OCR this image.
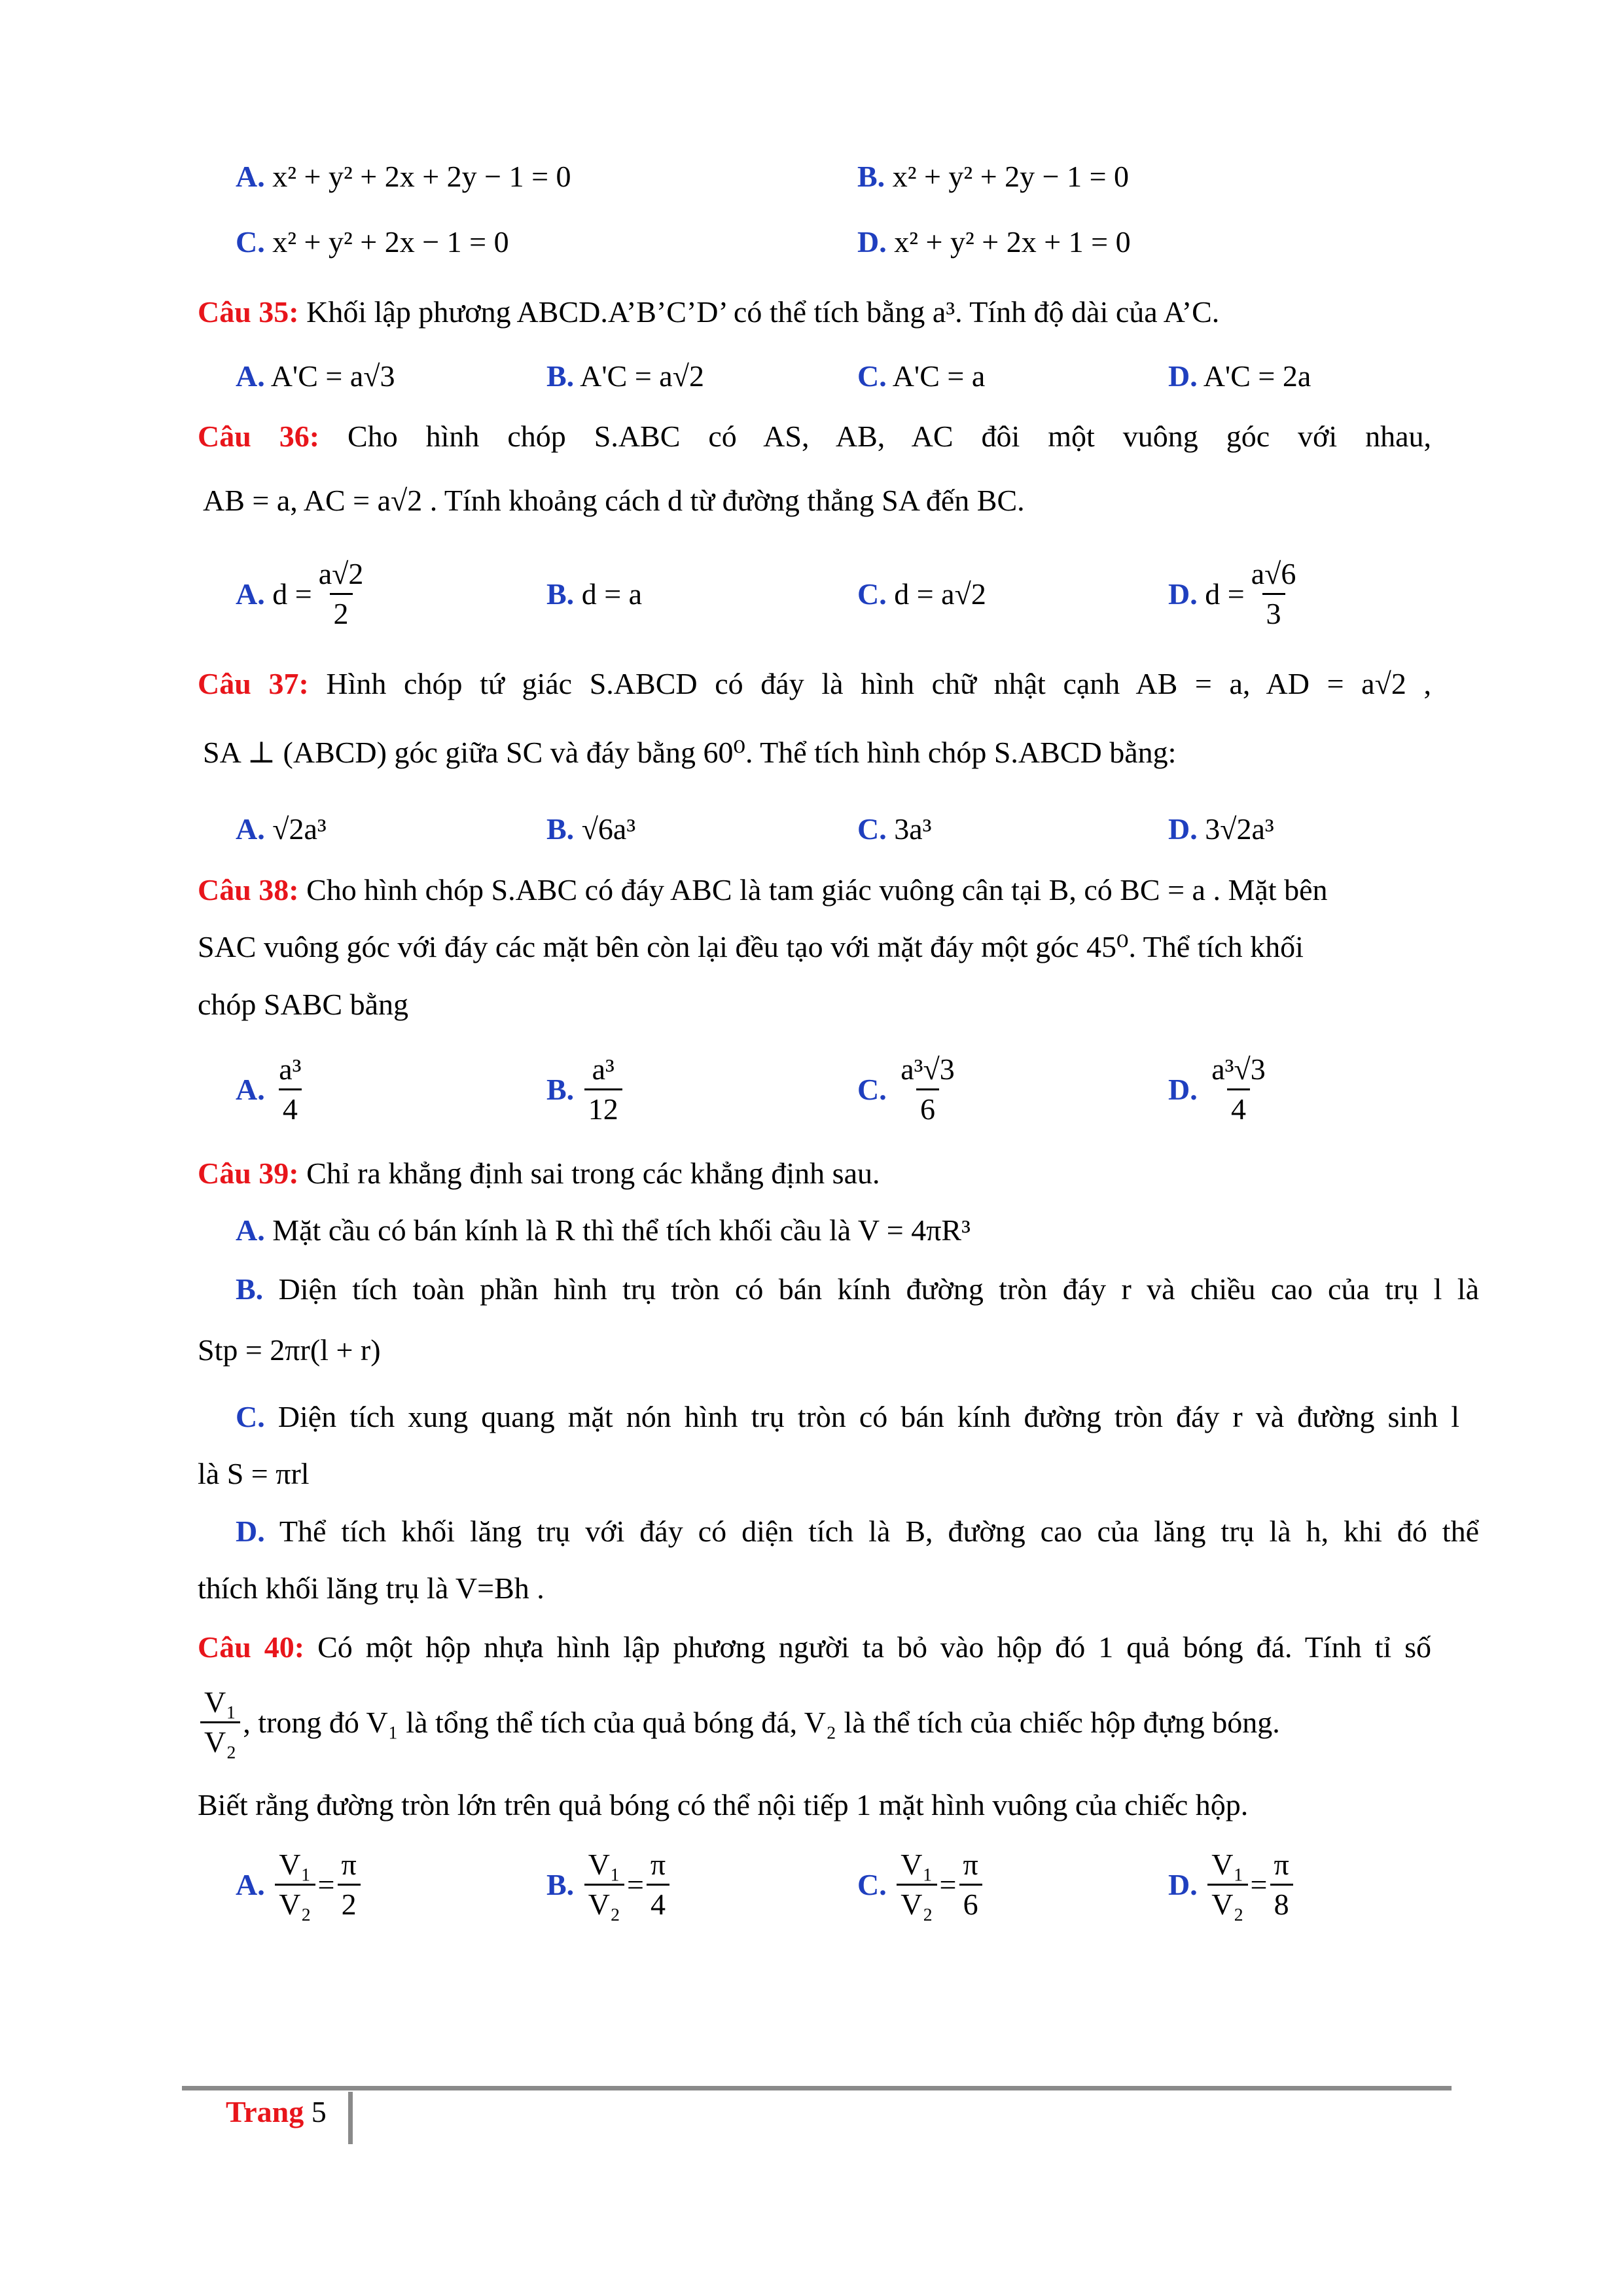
A. x² + y² + 2x + 2y − 1 = 0	B. x² + y² + 2y − 1 = 0
C. x² + y² + 2x − 1 = 0	D. x² + y² + 2x + 1 = 0
Câu 35: Khối lập phương ABCD.A’B’C’D’ có thể tích bằng a³. Tính độ dài của A’C.
A. A'C = a√3	B. A'C = a√2	C. A'C = a	D. A'C = 2a
Câu 36: Cho hình chóp S.ABC có AS, AB, AC đôi một vuông góc với nhau,
AB = a, AC = a√2 . Tính khoảng cách d từ đường thẳng SA đến BC.
A.
$d = \frac{a√2}{2}$	B. d = a	C. d = a√2	D.
$d = \frac{a√6}{3}$
Câu 37: Hình chóp tứ giác S.ABCD có đáy là hình chữ nhật cạnh AB = a, AD = a√2 ,
SA ⊥ (ABCD) góc giữa SC và đáy bằng 60⁰. Thể tích hình chóp S.ABCD bằng:
A. √2a³	B. √6a³	C. 3a³	D. 3√2a³
Câu 38: Cho hình chóp S.ABC có đáy ABC là tam giác vuông cân tại B, có BC = a . Mặt bên
SAC vuông góc với đáy các mặt bên còn lại đều tạo với mặt đáy một góc 45⁰. Thể tích khối
chóp SABC bằng
A.
$\frac{\text{a³}}{4}$	B.
$\frac{\text{a³}}{12}$	C.
$\frac{\text{a³√3}}{6}$	D.
$\frac{\text{a³√3}}{4}$
Câu 39: Chỉ ra khẳng định sai trong các khẳng định sau.
A. Mặt cầu có bán kính là R thì thể tích khối cầu là V = 4πR³
B. Diện tích toàn phần hình trụ tròn có bán kính đường tròn đáy r và chiều cao của trụ l là
Stp = 2πr(l + r)
C. Diện tích xung quang mặt nón hình trụ tròn có bán kính đường tròn đáy r và đường sinh l
là S = πrl
D. Thể tích khối lăng trụ với đáy có diện tích là B, đường cao của lăng trụ là h, khi đó thể
thích khối lăng trụ là V=Bh .
Câu 40: Có một hộp nhựa hình lập phương người ta bỏ vào hộp đó 1 quả bóng đá. Tính tỉ số
$\frac{\text{V₁}}{\text{V₂}}$ , trong đó V₁ là tổng thể tích của quả bóng đá, V₂ là thể tích của chiếc hộp đựng bóng.
Biết rằng đường tròn lớn trên quả bóng có thể nội tiếp 1 mặt hình vuông của chiếc hộp.
A.
$\frac{\text{V₁}}{\text{V₂}} = \frac{\pi}{2}$	B.
$\frac{\text{V₁}}{\text{V₂}} = \frac{\pi}{4}$	C.
$\frac{\text{V₁}}{\text{V₂}} = \frac{\pi}{6}$	D.
$\frac{\text{V₁}}{\text{V₂}} = \frac{\pi}{8}$
Trang 5
